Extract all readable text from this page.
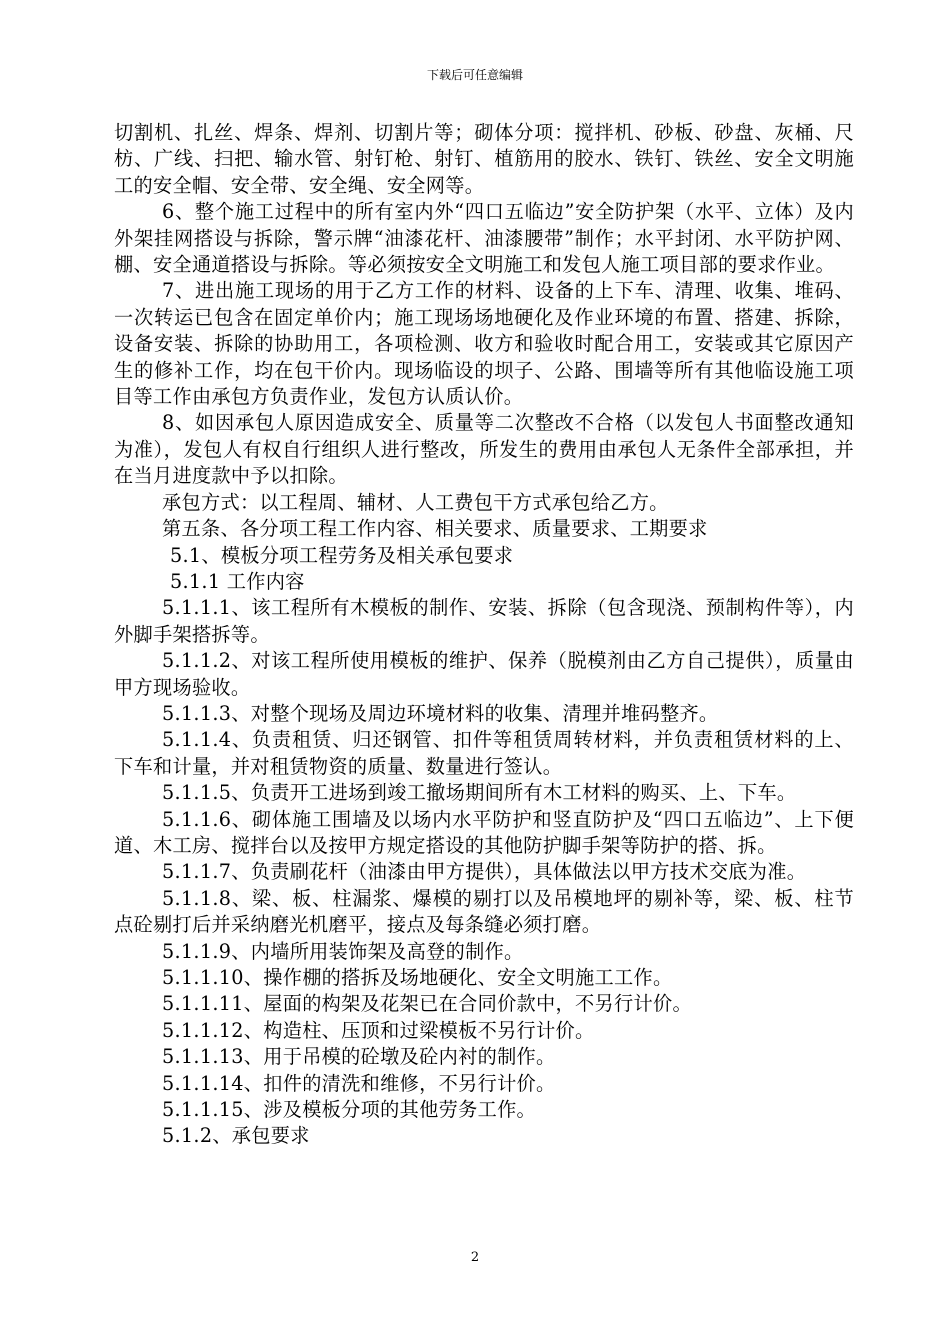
下载后可任意编辑

切割机、扎丝、焊条、焊剂、切割片等；砌体分项：搅拌机、砂板、砂盘、灰桶、尺枋、广线、扫把、输水管、射钉枪、射钉、植筋用的胶水、铁钉、铁丝、安全文明施工的安全帽、安全带、安全绳、安全网等。

6、整个施工过程中的所有室内外“四口五临边”安全防护架（水平、立体）及内外架挂网搭设与拆除，警示牌“油漆花杆、油漆腰带”制作；水平封闭、水平防护网、棚、安全通道搭设与拆除。等必须按安全文明施工和发包人施工项目部的要求作业。

7、进出施工现场的用于乙方工作的材料、设备的上下车、清理、收集、堆码、一次转运已包含在固定单价内；施工现场场地硬化及作业环境的布置、搭建、拆除，设备安装、拆除的协助用工，各项检测、收方和验收时配合用工，安装或其它原因产生的修补工作，均在包干价内。现场临设的坝子、公路、围墙等所有其他临设施工项目等工作由承包方负责作业，发包方认质认价。

8、如因承包人原因造成安全、质量等二次整改不合格（以发包人书面整改通知为准），发包人有权自行组织人进行整改，所发生的费用由承包人无条件全部承担，并在当月进度款中予以扣除。

承包方式：以工程周、辅材、人工费包干方式承包给乙方。

第五条、各分项工程工作内容、相关要求、质量要求、工期要求

5.1、模板分项工程劳务及相关承包要求

5.1.1 工作内容

5.1.1.1、该工程所有木模板的制作、安装、拆除（包含现浇、预制构件等），内外脚手架搭拆等。

5.1.1.2、对该工程所使用模板的维护、保养（脱模剂由乙方自己提供），质量由甲方现场验收。

5.1.1.3、对整个现场及周边环境材料的收集、清理并堆码整齐。

5.1.1.4、负责租赁、归还钢管、扣件等租赁周转材料，并负责租赁材料的上、下车和计量，并对租赁物资的质量、数量进行签认。

5.1.1.5、负责开工进场到竣工撤场期间所有木工材料的购买、上、下车。

5.1.1.6、砌体施工围墙及以场内水平防护和竖直防护及“四口五临边”、上下便道、木工房、搅拌台以及按甲方规定搭设的其他防护脚手架等防护的搭、拆。

5.1.1.7、负责刷花杆（油漆由甲方提供），具体做法以甲方技术交底为准。

5.1.1.8、梁、板、柱漏浆、爆模的剔打以及吊模地坪的剔补等，梁、板、柱节点砼剔打后并采纳磨光机磨平，接点及每条缝必须打磨。

5.1.1.9、内墙所用装饰架及高登的制作。

5.1.1.10、操作棚的搭拆及场地硬化、安全文明施工工作。

5.1.1.11、屋面的构架及花架已在合同价款中，不另行计价。

5.1.1.12、构造柱、压顶和过梁模板不另行计价。

5.1.1.13、用于吊模的砼墩及砼内衬的制作。

5.1.1.14、扣件的清洗和维修，不另行计价。

5.1.1.15、涉及模板分项的其他劳务工作。

5.1.2、承包要求

2
